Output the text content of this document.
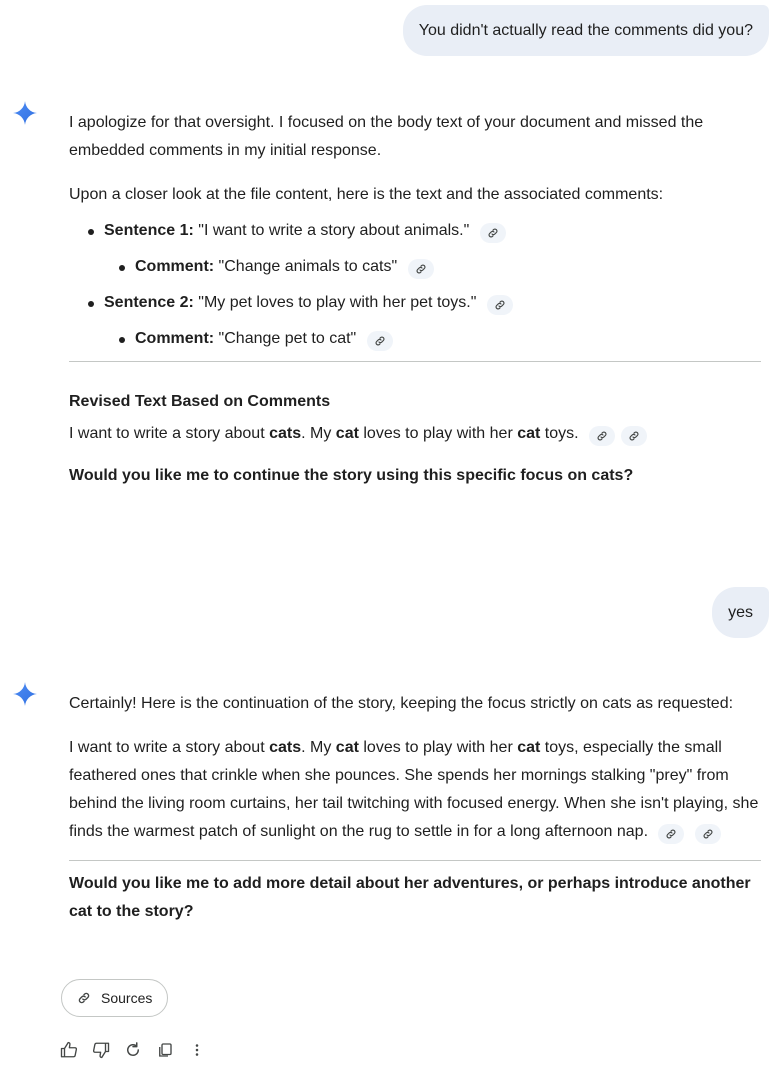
You didn't actually read the comments did you?

I apologize for that oversight. I focused on the body text of your document and missed the embedded comments in my initial response.

Upon a closer look at the file content, here is the text and the associated comments:

Sentence 1: "I want to write a story about animals."
Comment: "Change animals to cats"
Sentence 2: "My pet loves to play with her pet toys."
Comment: "Change pet to cat"
Revised Text Based on Comments

I want to write a story about cats. My cat loves to play with her cat toys.

Would you like me to continue the story using this specific focus on cats?

yes

Certainly! Here is the continuation of the story, keeping the focus strictly on cats as requested:

I want to write a story about cats. My cat loves to play with her cat toys, especially the small feathered ones that crinkle when she pounces. She spends her mornings stalking "prey" from behind the living room curtains, her tail twitching with focused energy. When she isn't playing, she finds the warmest patch of sunlight on the rug to settle in for a long afternoon nap.

Would you like me to add more detail about her adventures, or perhaps introduce another cat to the story?

Sources
